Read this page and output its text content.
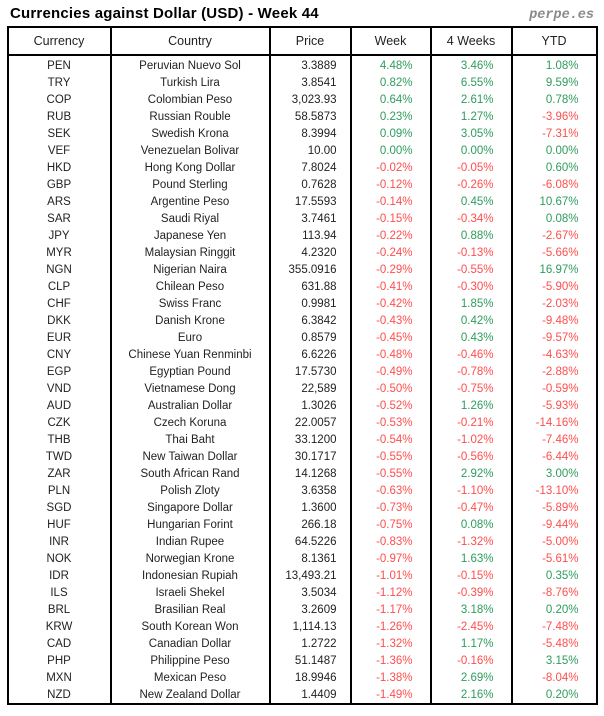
Currencies against Dollar (USD) - Week 44	perpe.es
Currency	Country	Price	Week	4 Weeks	YTD
PEN	Peruvian Nuevo Sol	3.3889	4.48%	3.46%	1.08%
TRY	Turkish Lira	3.8541	0.82%	6.55%	9.59%
COP	Colombian Peso	3,023.93	0.64%	2.61%	0.78%
RUB	Russian Rouble	58.5873	0.23%	1.27%	-3.96%
SEK	Swedish Krona	8.3994	0.09%	3.05%	-7.31%
VEF	Venezuelan Bolivar	10.00	0.00%	0.00%	0.00%
HKD	Hong Kong Dollar	7.8024	-0.02%	-0.05%	0.60%
GBP	Pound Sterling	0.7628	-0.12%	-0.26%	-6.08%
ARS	Argentine Peso	17.5593	-0.14%	0.45%	10.67%
SAR	Saudi Riyal	3.7461	-0.15%	-0.34%	0.08%
JPY	Japanese Yen	113.94	-0.22%	0.88%	-2.67%
MYR	Malaysian Ringgit	4.2320	-0.24%	-0.13%	-5.66%
NGN	Nigerian Naira	355.0916	-0.29%	-0.55%	16.97%
CLP	Chilean Peso	631.88	-0.41%	-0.30%	-5.90%
CHF	Swiss Franc	0.9981	-0.42%	1.85%	-2.03%
DKK	Danish Krone	6.3842	-0.43%	0.42%	-9.48%
EUR	Euro	0.8579	-0.45%	0.43%	-9.57%
CNY	Chinese Yuan Renminbi	6.6226	-0.48%	-0.46%	-4.63%
EGP	Egyptian Pound	17.5730	-0.49%	-0.78%	-2.88%
VND	Vietnamese Dong	22,589	-0.50%	-0.75%	-0.59%
AUD	Australian Dollar	1.3026	-0.52%	1.26%	-5.93%
CZK	Czech Koruna	22.0057	-0.53%	-0.21%	-14.16%
THB	Thai Baht	33.1200	-0.54%	-1.02%	-7.46%
TWD	New Taiwan Dollar	30.1717	-0.55%	-0.56%	-6.44%
ZAR	South African Rand	14.1268	-0.55%	2.92%	3.00%
PLN	Polish Zloty	3.6358	-0.63%	-1.10%	-13.10%
SGD	Singapore Dollar	1.3600	-0.73%	-0.47%	-5.89%
HUF	Hungarian Forint	266.18	-0.75%	0.08%	-9.44%
INR	Indian Rupee	64.5226	-0.83%	-1.32%	-5.00%
NOK	Norwegian Krone	8.1361	-0.97%	1.63%	-5.61%
IDR	Indonesian Rupiah	13,493.21	-1.01%	-0.15%	0.35%
ILS	Israeli Shekel	3.5034	-1.12%	-0.39%	-8.76%
BRL	Brasilian Real	3.2609	-1.17%	3.18%	0.20%
KRW	South Korean Won	1,114.13	-1.26%	-2.45%	-7.48%
CAD	Canadian Dollar	1.2722	-1.32%	1.17%	-5.48%
PHP	Philippine Peso	51.1487	-1.36%	-0.16%	3.15%
MXN	Mexican Peso	18.9946	-1.38%	2.69%	-8.04%
NZD	New Zealand Dollar	1.4409	-1.49%	2.16%	0.20%
